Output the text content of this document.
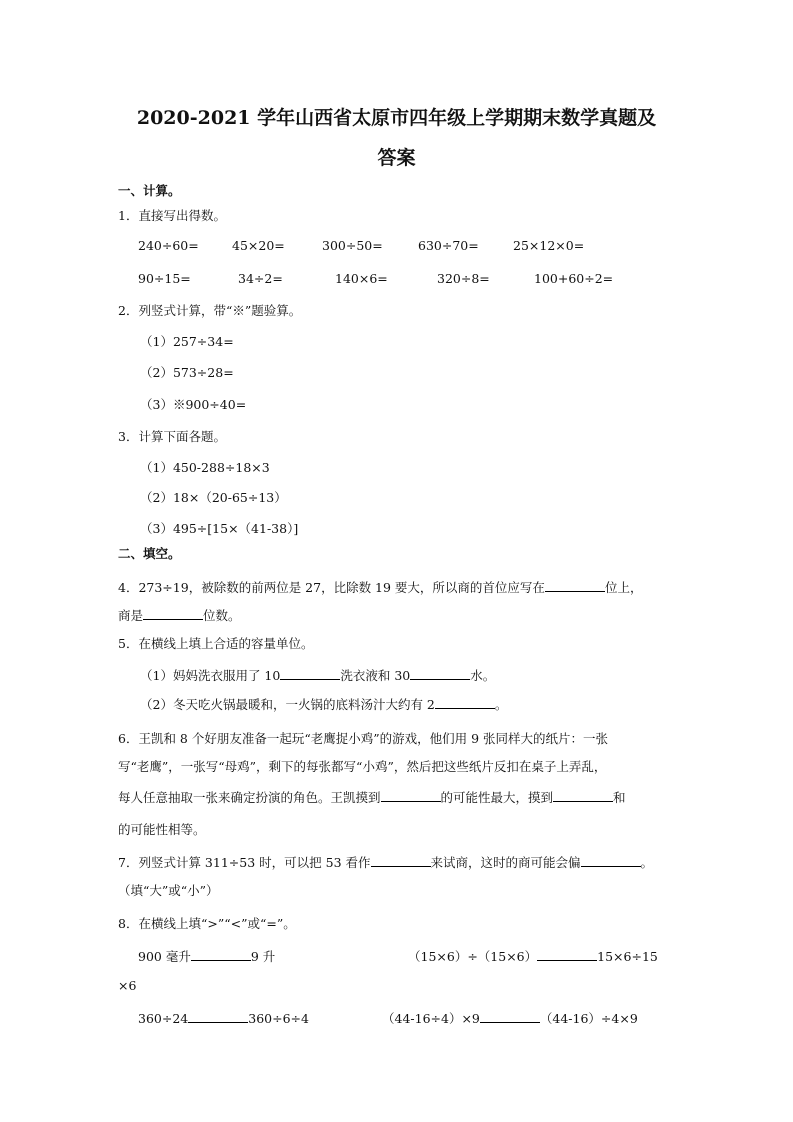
2020-2021 学年山西省太原市四年级上学期期末数学真题及
答案
一、计算。
1．直接写出得数。
240÷60=	45×20=	300÷50=	630÷70=	25×12×0=
90÷15=	34÷2=	140×6=	320÷8=	100+60÷2=
2．列竖式计算，带“※”题验算。
（1）257÷34=
（2）573÷28=
（3）※900÷40=
3．计算下面各题。
（1）450-288÷18×3
（2）18×（20-65÷13）
（3）495÷[15×（41-38）]
二、填空。
4．273÷19，被除数的前两位是 27，比除数 19 要大，所以商的首位应写在	位上，
商是	位数。
5．在横线上填上合适的容量单位。
（1）妈妈洗衣服用了 10	洗衣液和 30	水。
（2）冬天吃火锅最暖和，一火锅的底料汤汁大约有 2	。
6．王凯和 8 个好朋友准备一起玩“老鹰捉小鸡”的游戏，他们用 9 张同样大的纸片：一张
写“老鹰”，一张写“母鸡”，剩下的每张都写“小鸡”，然后把这些纸片反扣在桌子上弄乱，
每人任意抽取一张来确定扮演的角色。王凯摸到	的可能性最大，摸到	和
的可能性相等。
7．列竖式计算 311÷53 时，可以把 53 看作	来试商，这时的商可能会偏	。
（填“大”或“小”）
8．在横线上填“>”“<”或“=”。
900 毫升	9 升	（15×6）÷（15×6）	15×6÷15
×6
360÷24	360÷6÷4	（44-16÷4）×9	（44-16）÷4×9
